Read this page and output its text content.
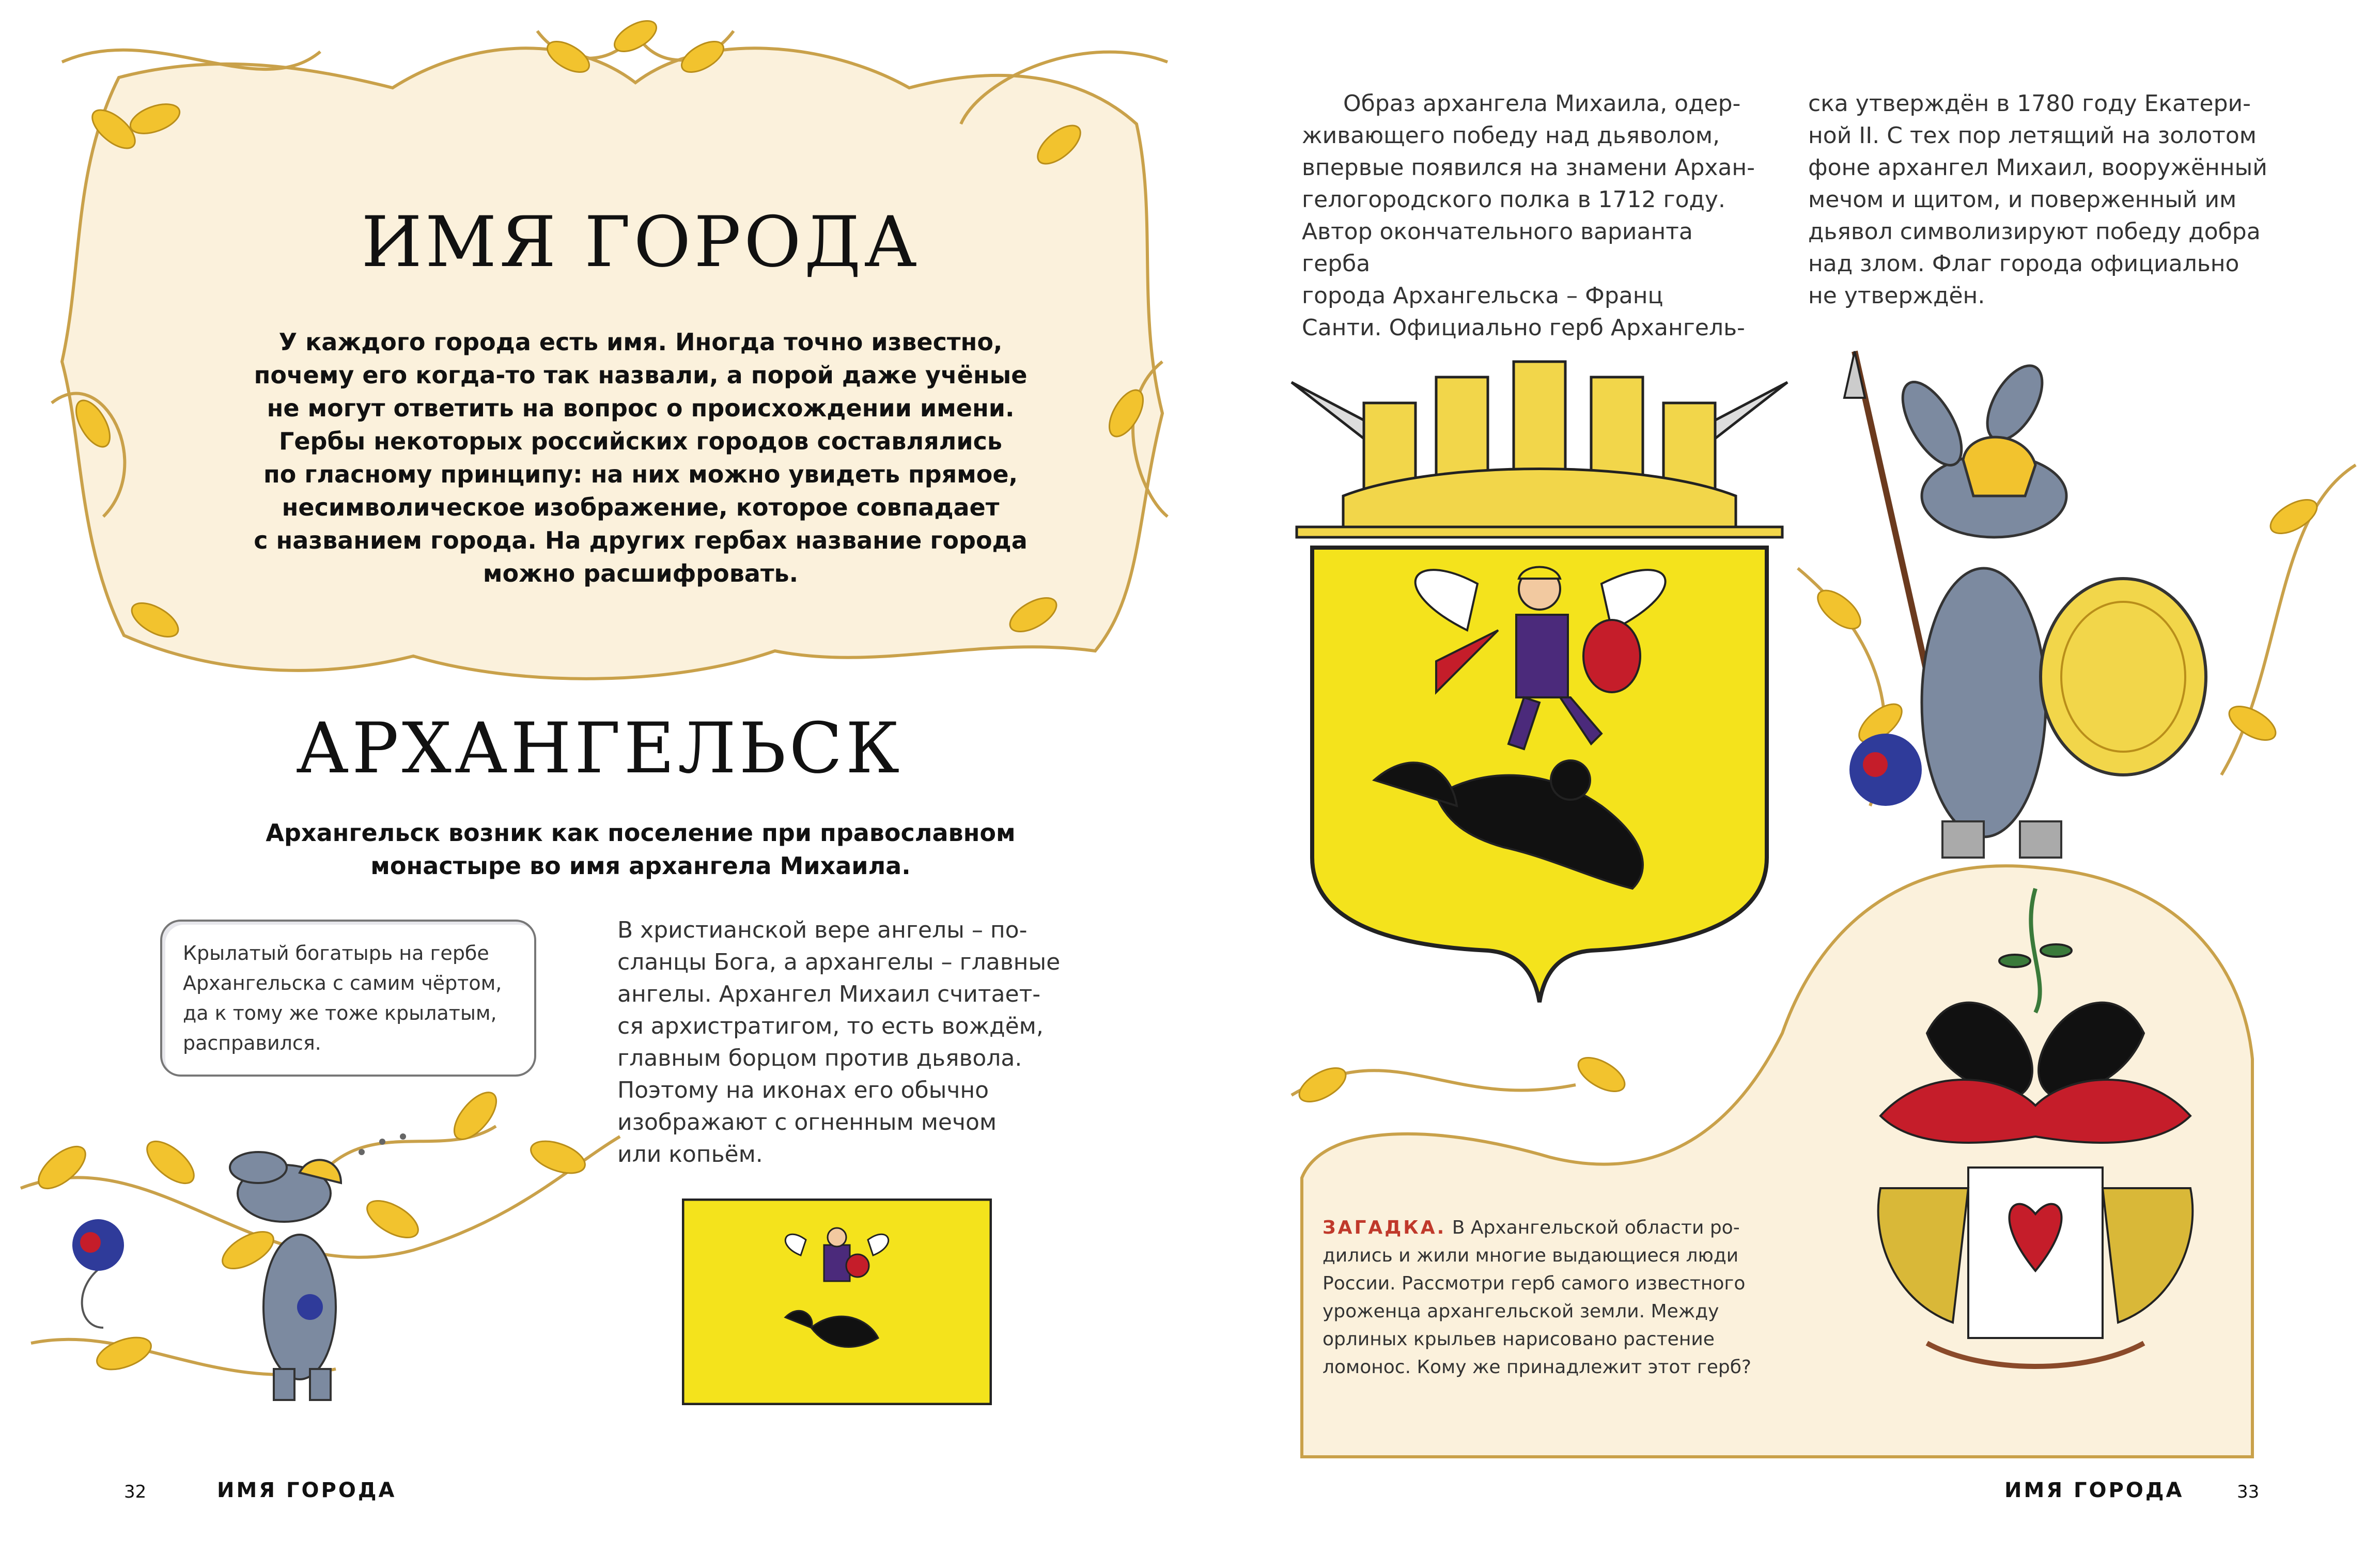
ИМЯ ГОРОДА
У каждого города есть имя. Иногда точно известно,
почему его когда-то так назвали, а порой даже учёные
не могут ответить на вопрос о происхождении имени.
Гербы некоторых российских городов составлялись
по гласному принципу: на них можно увидеть прямое,
несимволическое изображение, которое совпадает
с названием города. На других гербах название города
можно расшифровать.
АРХАНГЕЛЬСК
Архангельск возник как поселение при православном
монастыре во имя архангела Михаила.
Крылатый богатырь на гербе
Архангельска с самим чёртом,
да к тому же тоже крылатым,
расправился.
В христианской вере ангелы – по-
сланцы Бога, а архангелы – главные
ангелы. Архангел Михаил считает-
ся архистратигом, то есть вождём,
главным борцом против дьявола.
Поэтому на иконах его обычно
изображают с огненным мечом
или копьём.
32	ИМЯ ГОРОДА
Образ архангела Михаила, одер-
живающего победу над дьяволом,
впервые появился на знамени Архан-
гелогородского полка в 1712 году.
Автор окончательного варианта герба
города Архангельска – Франц
Санти. Официально герб Архангель-
ска утверждён в 1780 году Екатери-
ной II. С тех пор летящий на золотом
фоне архангел Михаил, вооружённый
мечом и щитом, и поверженный им
дьявол символизируют победу добра
над злом. Флаг города официально
не утверждён.
ЗАГАДКА. В Архангельской области ро-
дились и жили многие выдающиеся люди
России. Рассмотри герб самого известного
уроженца архангельской земли. Между
орлиных крыльев нарисовано растение
ломонос. Кому же принадлежит этот герб?
ИМЯ ГОРОДА	33
